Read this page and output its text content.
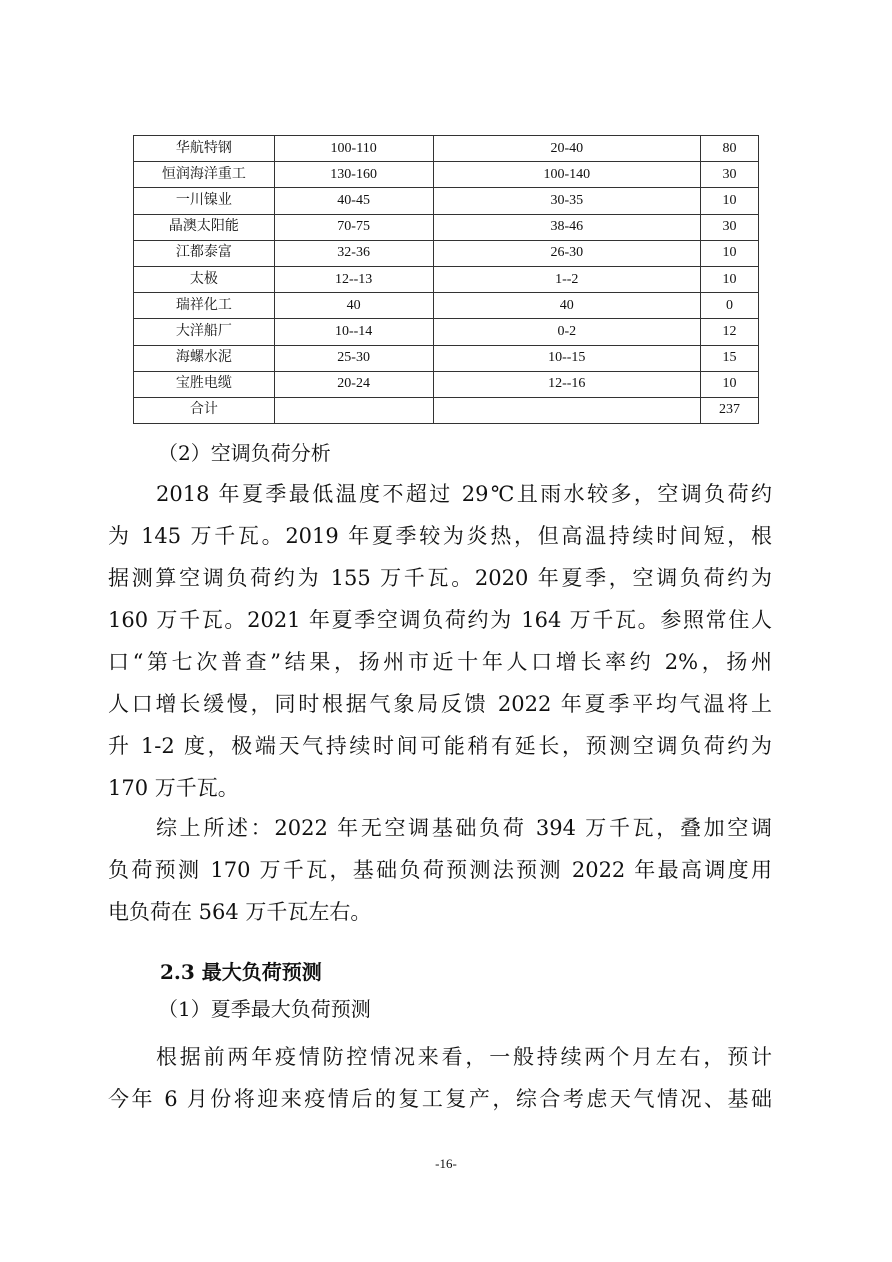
华航特钢	100-110	20-40	80
恒润海洋重工	130-160	100-140	30
一川镍业	40-45	30-35	10
晶澳太阳能	70-75	38-46	30
江都泰富	32-36	26-30	10
太极	12--13	1--2	10
瑞祥化工	40	40	0
大洋船厂	10--14	0-2	12
海螺水泥	25-30	10--15	15
宝胜电缆	20-24	12--16	10
合计			237
（2）空调负荷分析
2018 年夏季最低温度不超过 29℃且雨水较多，空调负荷约
为 145 万千瓦。2019 年夏季较为炎热，但高温持续时间短，根
据测算空调负荷约为 155 万千瓦。2020 年夏季，空调负荷约为
160 万千瓦。2021 年夏季空调负荷约为 164 万千瓦。参照常住人
口“第七次普查”结果，扬州市近十年人口增长率约 2%，扬州
人口增长缓慢，同时根据气象局反馈 2022 年夏季平均气温将上
升 1-2 度，极端天气持续时间可能稍有延长，预测空调负荷约为
170 万千瓦。
综上所述：2022 年无空调基础负荷 394 万千瓦，叠加空调
负荷预测 170 万千瓦，基础负荷预测法预测 2022 年最高调度用
电负荷在 564 万千瓦左右。
2.3 最大负荷预测
（1）夏季最大负荷预测
根据前两年疫情防控情况来看，一般持续两个月左右，预计
今年 6 月份将迎来疫情后的复工复产，综合考虑天气情况、基础
-16-
